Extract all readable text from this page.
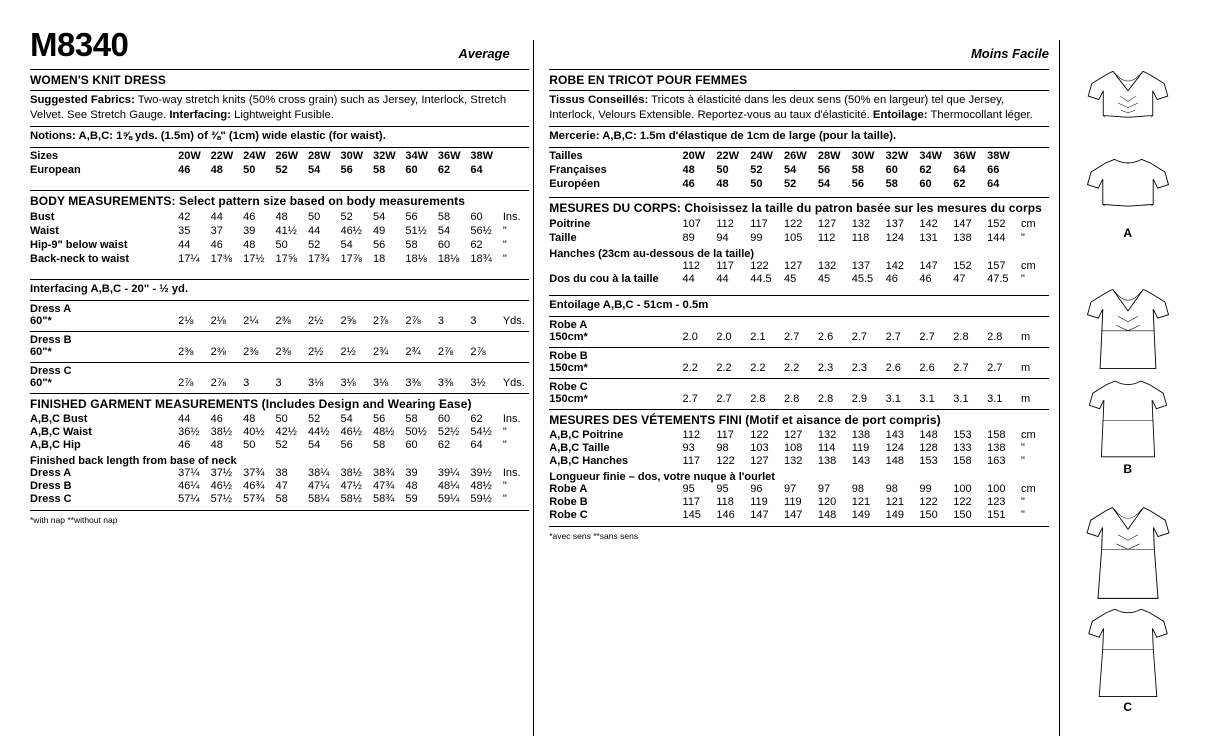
M8340	Average	Moins Facile
WOMEN'S KNIT DRESS

Suggested Fabrics: Two-way stretch knits (50% cross grain) such as Jersey, Interlock, Stretch Velvet. See Stretch Gauge. Interfacing: Lightweight Fusible.

Notions: A,B,C: 1⅝ yds. (1.5m) of ⅜" (1cm) wide elastic (for waist).

Sizes	20W	22W	24W	26W	28W	30W	32W	34W	36W	38W	
European	46	48	50	52	54	56	58	60	62	64	
BODY MEASUREMENTS: Select pattern size based on body measurements
Bust	42	44	46	48	50	52	54	56	58	60	Ins.
Waist	35	37	39	41½	44	46½	49	51½	54	56½	"
Hip-9" below waist	44	46	48	50	52	54	56	58	60	62	"
Back-neck to waist	17¼	17⅜	17½	17⅝	17¾	17⅞	18	18⅛	18⅛	18¾	"

Interfacing A,B,C - 20" - ½ yd.

Dress A
60"*	2⅛	2⅛	2¼	2⅜	2½	2⅝	2⅞	2⅞	3	3	Yds.
Dress B
60"*	2⅜	2⅜	2⅜	2⅜	2½	2½	2¾	2¾	2⅞	2⅞	
Dress C
60"*	2⅞	2⅞	3	3	3⅛	3⅛	3⅛	3⅜	3⅜	3½	Yds.
FINISHED GARMENT MEASUREMENTS (Includes Design and Wearing Ease)
A,B,C Bust	44	46	48	50	52	54	56	58	60	62	Ins.
A,B,C Waist	36½	38½	40½	42½	44½	46½	48½	50½	52½	54½	"
A,B,C Hip	46	48	50	52	54	56	58	60	62	64	"
Finished back length from base of neck
Dress A	37¼	37½	37¾	38	38¼	38½	38¾	39	39¼	39½	Ins.
Dress B	46¼	46½	46¾	47	47¼	47½	47¾	48	48¼	48½	"
Dress C	57¼	57½	57¾	58	58¼	58½	58¾	59	59¼	59½	"
*with nap **without nap
ROBE EN TRICOT POUR FEMMES

Tissus Conseillés: Tricots à élasticité dans les deux sens (50% en largeur) tel que Jersey, Interlock, Velours Extensible. Reportez-vous au taux d'élasticité. Entoilage: Thermocollant léger.

Mercerie: A,B,C: 1.5m d'élastique de 1cm de large (pour la taille).

Tailles	20W	22W	24W	26W	28W	30W	32W	34W	36W	38W	
Françaises	48	50	52	54	56	58	60	62	64	66	
Européen	46	48	50	52	54	56	58	60	62	64	
MESURES DU CORPS: Choisissez la taille du patron basée sur les mesures du corps
Poitrine	107	112	117	122	127	132	137	142	147	152	cm
Taille	89	94	99	105	112	118	124	131	138	144	"
Hanches (23cm au-dessous de la taille)
	112	117	122	127	132	137	142	147	152	157	cm
Dos du cou à la taille	44	44	44.5	45	45	45.5	46	46	47	47.5	"

Entoilage A,B,C - 51cm - 0.5m

Robe A
150cm*	2.0	2.0	2.1	2.7	2.6	2.7	2.7	2.7	2.8	2.8	m
Robe B
150cm*	2.2	2.2	2.2	2.2	2.3	2.3	2.6	2.6	2.7	2.7	m
Robe C
150cm*	2.7	2.7	2.8	2.8	2.8	2.9	3.1	3.1	3.1	3.1	m
MESURES DES VÉTEMENTS FINI (Motif et aisance de port compris)
A,B,C Poitrine	112	117	122	127	132	138	143	148	153	158	cm
A,B,C Taille	93	98	103	108	114	119	124	128	133	138	"
A,B,C Hanches	117	122	127	132	138	143	148	153	158	163	"
Longueur finie – dos, votre nuque à l'ourlet
Robe A	95	95	96	97	97	98	98	99	100	100	cm
Robe B	117	118	119	119	120	121	121	122	122	123	"
Robe C	145	146	147	147	148	149	149	150	150	151	"
*avec sens **sans sens
A
B
C
